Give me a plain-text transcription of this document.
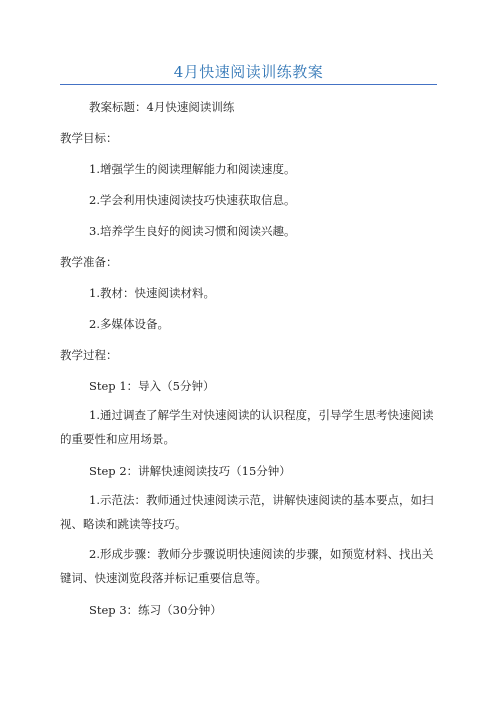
4月快速阅读训练教案
教案标题：4月快速阅读训练
教学目标：
1.增强学生的阅读理解能力和阅读速度。
2.学会利用快速阅读技巧快速获取信息。
3.培养学生良好的阅读习惯和阅读兴趣。
教学准备：
1.教材：快速阅读材料。
2.多媒体设备。
教学过程：
Step 1：导入（5分钟）
1.通过调查了解学生对快速阅读的认识程度，引导学生思考快速阅读的重要性和应用场景。
Step 2：讲解快速阅读技巧（15分钟）
1.示范法：教师通过快速阅读示范，讲解快速阅读的基本要点，如扫视、略读和跳读等技巧。
2.形成步骤：教师分步骤说明快速阅读的步骤，如预览材料、找出关键词、快速浏览段落并标记重要信息等。
Step 3：练习（30分钟）
